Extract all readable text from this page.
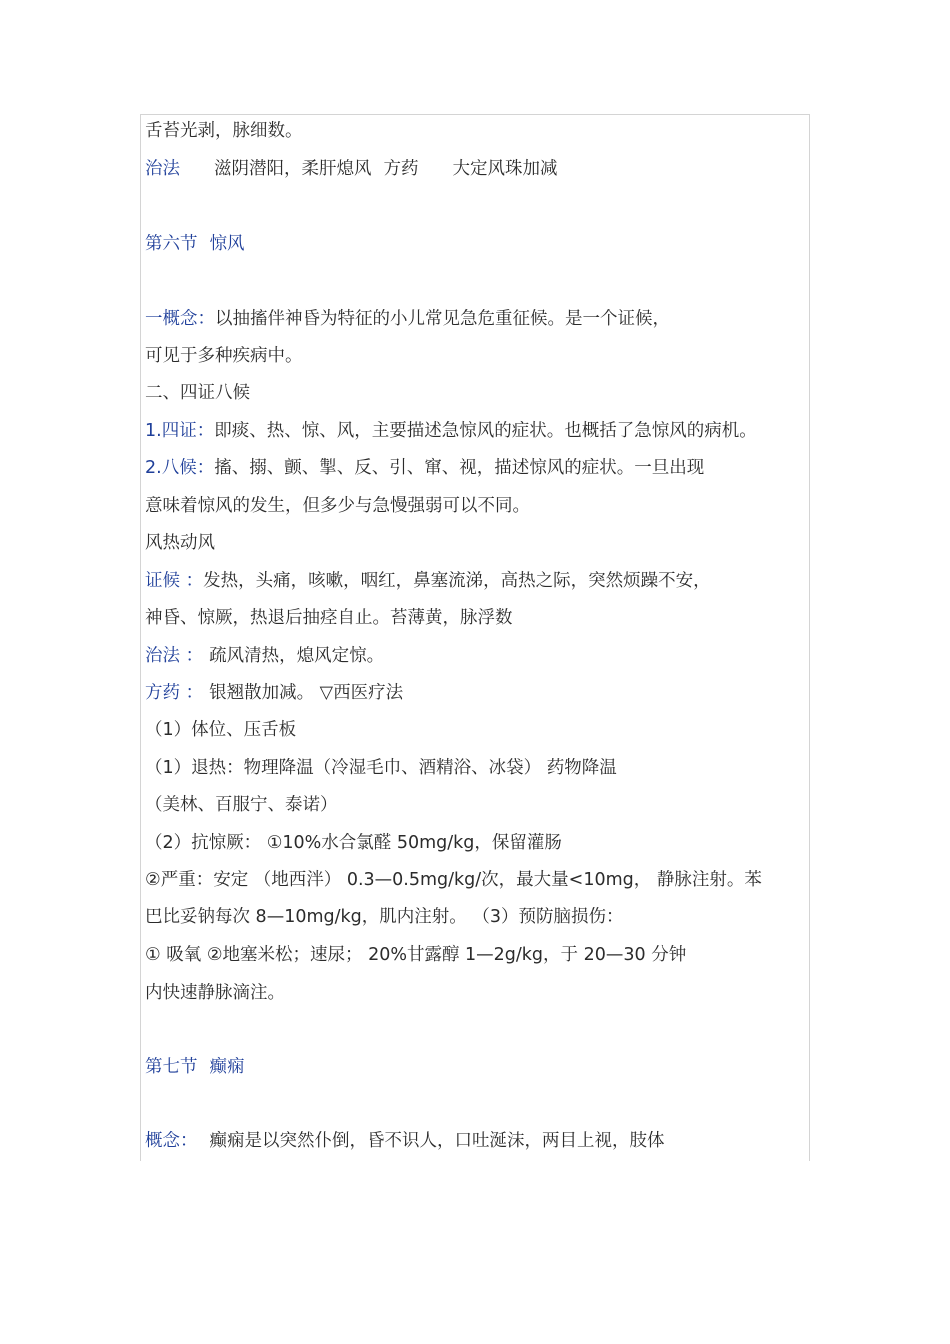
舌苔光剥，脉细数。
治法 滋阴潜阳，柔肝熄风 方药 大定风珠加减
第六节 惊风
一概念：以抽搐伴神昏为特征的小儿常见急危重征候。是一个证候，
可见于多种疾病中。
二、四证八候
1.四证：即痰、热、惊、风，主要描述急惊风的症状。也概括了急惊风的病机。
2.八候：搐、搦、颤、掣、反、引、窜、视，描述惊风的症状。一旦出现
意味着惊风的发生，但多少与急慢强弱可以不同。
风热动风
证候 ：发热，头痛，咳嗽，咽红，鼻塞流涕，高热之际，突然烦躁不安，
神昏、惊厥，热退后抽痉自止。苔薄黄，脉浮数
治法 ： 疏风清热，熄风定惊。
方药 ： 银翘散加减。 ▽西医疗法
（1）体位、压舌板
（1）退热：物理降温（冷湿毛巾、酒精浴、冰袋） 药物降温
（美林、百服宁、泰诺）
（2）抗惊厥： ①10%水合氯醛 50mg/kg，保留灌肠
②严重：安定 （地西泮） 0.3—0.5mg/kg/次，最大量<10mg， 静脉注射。苯
巴比妥钠每次 8—10mg/kg，肌内注射。 （3）预防脑损伤：
① 吸氧 ②地塞米松；速尿； 20%甘露醇 1—2g/kg，于 20—30 分钟
内快速静脉滴注。
第七节 癫痫
概念： 癫痫是以突然仆倒，昏不识人，口吐涎沫，两目上视，肢体
